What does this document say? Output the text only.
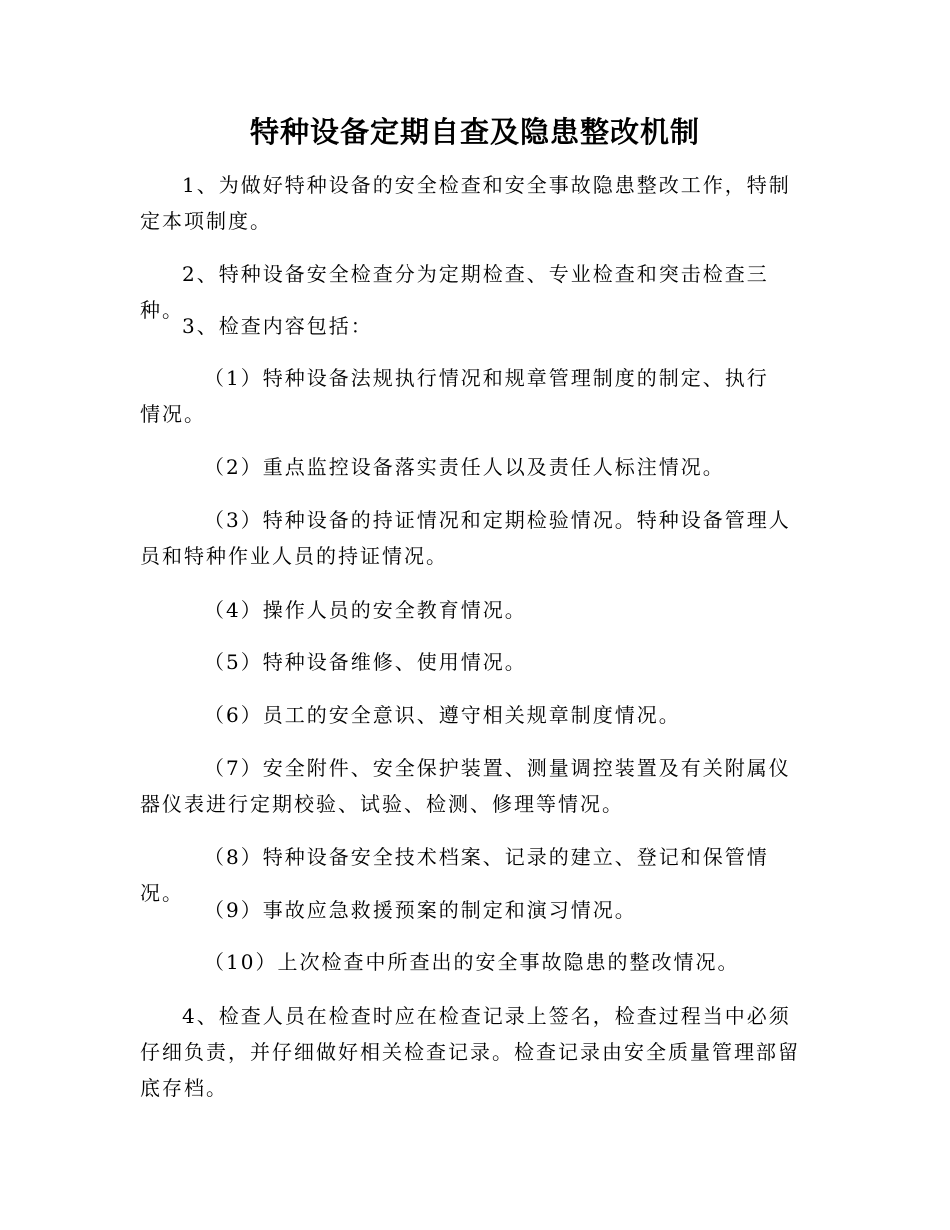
特种设备定期自查及隐患整改机制

1、为做好特种设备的安全检查和安全事故隐患整改工作，特制定本项制度。

2、特种设备安全检查分为定期检查、专业检查和突击检查三种。

3、检查内容包括：

（1）特种设备法规执行情况和规章管理制度的制定、执行情况。

（2）重点监控设备落实责任人以及责任人标注情况。

（3）特种设备的持证情况和定期检验情况。特种设备管理人员和特种作业人员的持证情况。

（4）操作人员的安全教育情况。

（5）特种设备维修、使用情况。

（6）员工的安全意识、遵守相关规章制度情况。

（7）安全附件、安全保护装置、测量调控装置及有关附属仪器仪表进行定期校验、试验、检测、修理等情况。

（8）特种设备安全技术档案、记录的建立、登记和保管情况。

（9）事故应急救援预案的制定和演习情况。

（10）上次检查中所查出的安全事故隐患的整改情况。

4、检查人员在检查时应在检查记录上签名，检查过程当中必须仔细负责，并仔细做好相关检查记录。检查记录由安全质量管理部留底存档。
